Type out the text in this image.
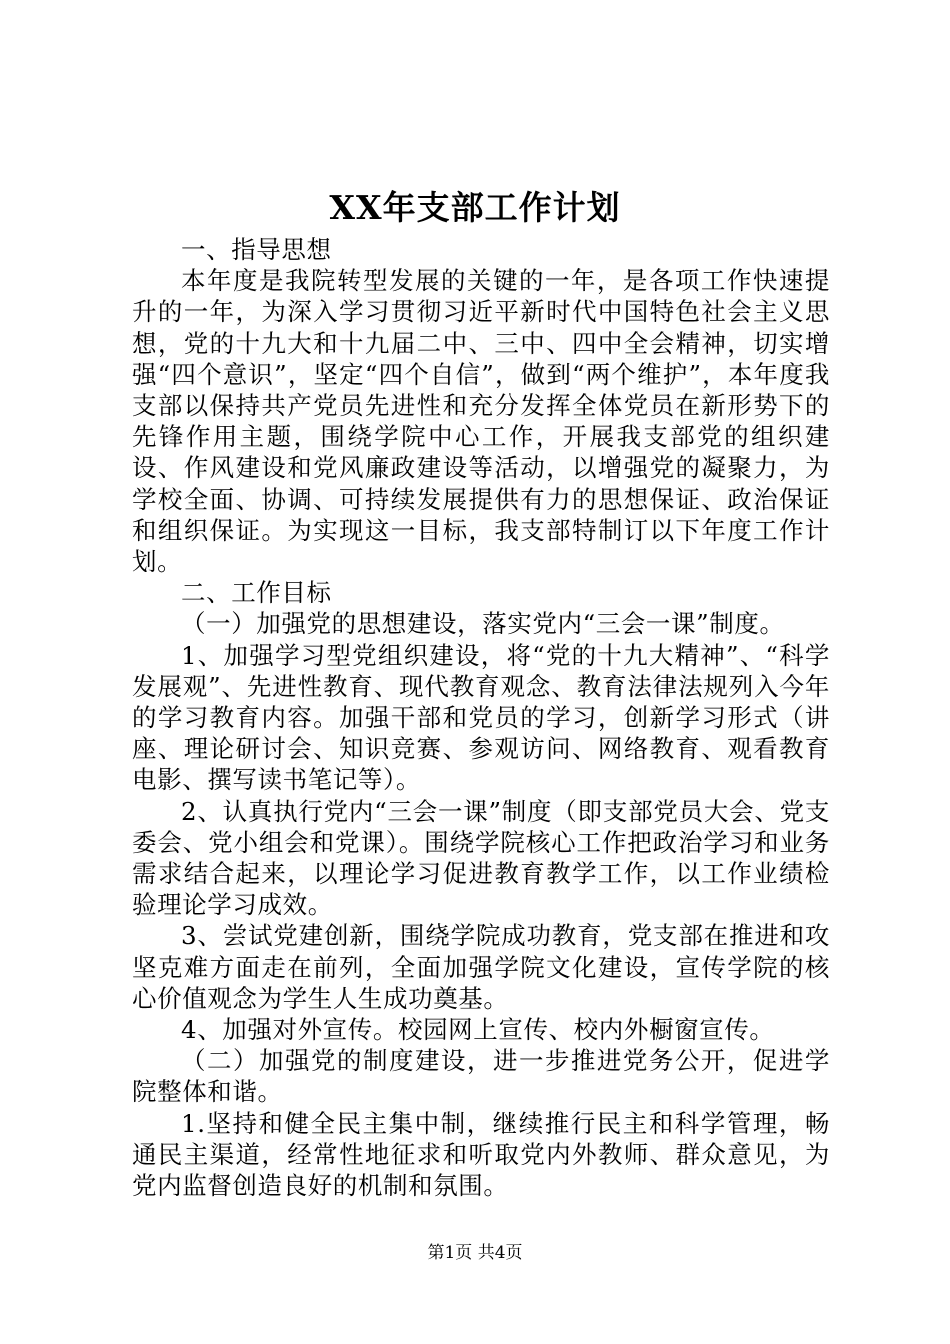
XX年支部工作计划

一、指导思想

本年度是我院转型发展的关键的一年，是各项工作快速提升的一年，为深入学习贯彻习近平新时代中国特色社会主义思想，党的十九大和十九届二中、三中、四中全会精神，切实增强“四个意识”，坚定“四个自信”，做到“两个维护”，本年度我支部以保持共产党员先进性和充分发挥全体党员在新形势下的先锋作用主题，围绕学院中心工作，开展我支部党的组织建设、作风建设和党风廉政建设等活动，以增强党的凝聚力，为学校全面、协调、可持续发展提供有力的思想保证、政治保证和组织保证。为实现这一目标，我支部特制订以下年度工作计划。

二、工作目标

（一）加强党的思想建设，落实党内“三会一课”制度。

1、加强学习型党组织建设，将“党的十九大精神”、“科学发展观”、先进性教育、现代教育观念、教育法律法规列入今年的学习教育内容。加强干部和党员的学习，创新学习形式（讲座、理论研讨会、知识竞赛、参观访问、网络教育、观看教育电影、撰写读书笔记等）。

2、认真执行党内“三会一课”制度（即支部党员大会、党支委会、党小组会和党课）。围绕学院核心工作把政治学习和业务需求结合起来，以理论学习促进教育教学工作，以工作业绩检验理论学习成效。

3、尝试党建创新，围绕学院成功教育，党支部在推进和攻坚克难方面走在前列，全面加强学院文化建设，宣传学院的核心价值观念为学生人生成功奠基。

4、加强对外宣传。校园网上宣传、校内外橱窗宣传。

（二）加强党的制度建设，进一步推进党务公开，促进学院整体和谐。

1.坚持和健全民主集中制，继续推行民主和科学管理，畅通民主渠道，经常性地征求和听取党内外教师、群众意见，为党内监督创造良好的机制和氛围。

第1页 共4页
